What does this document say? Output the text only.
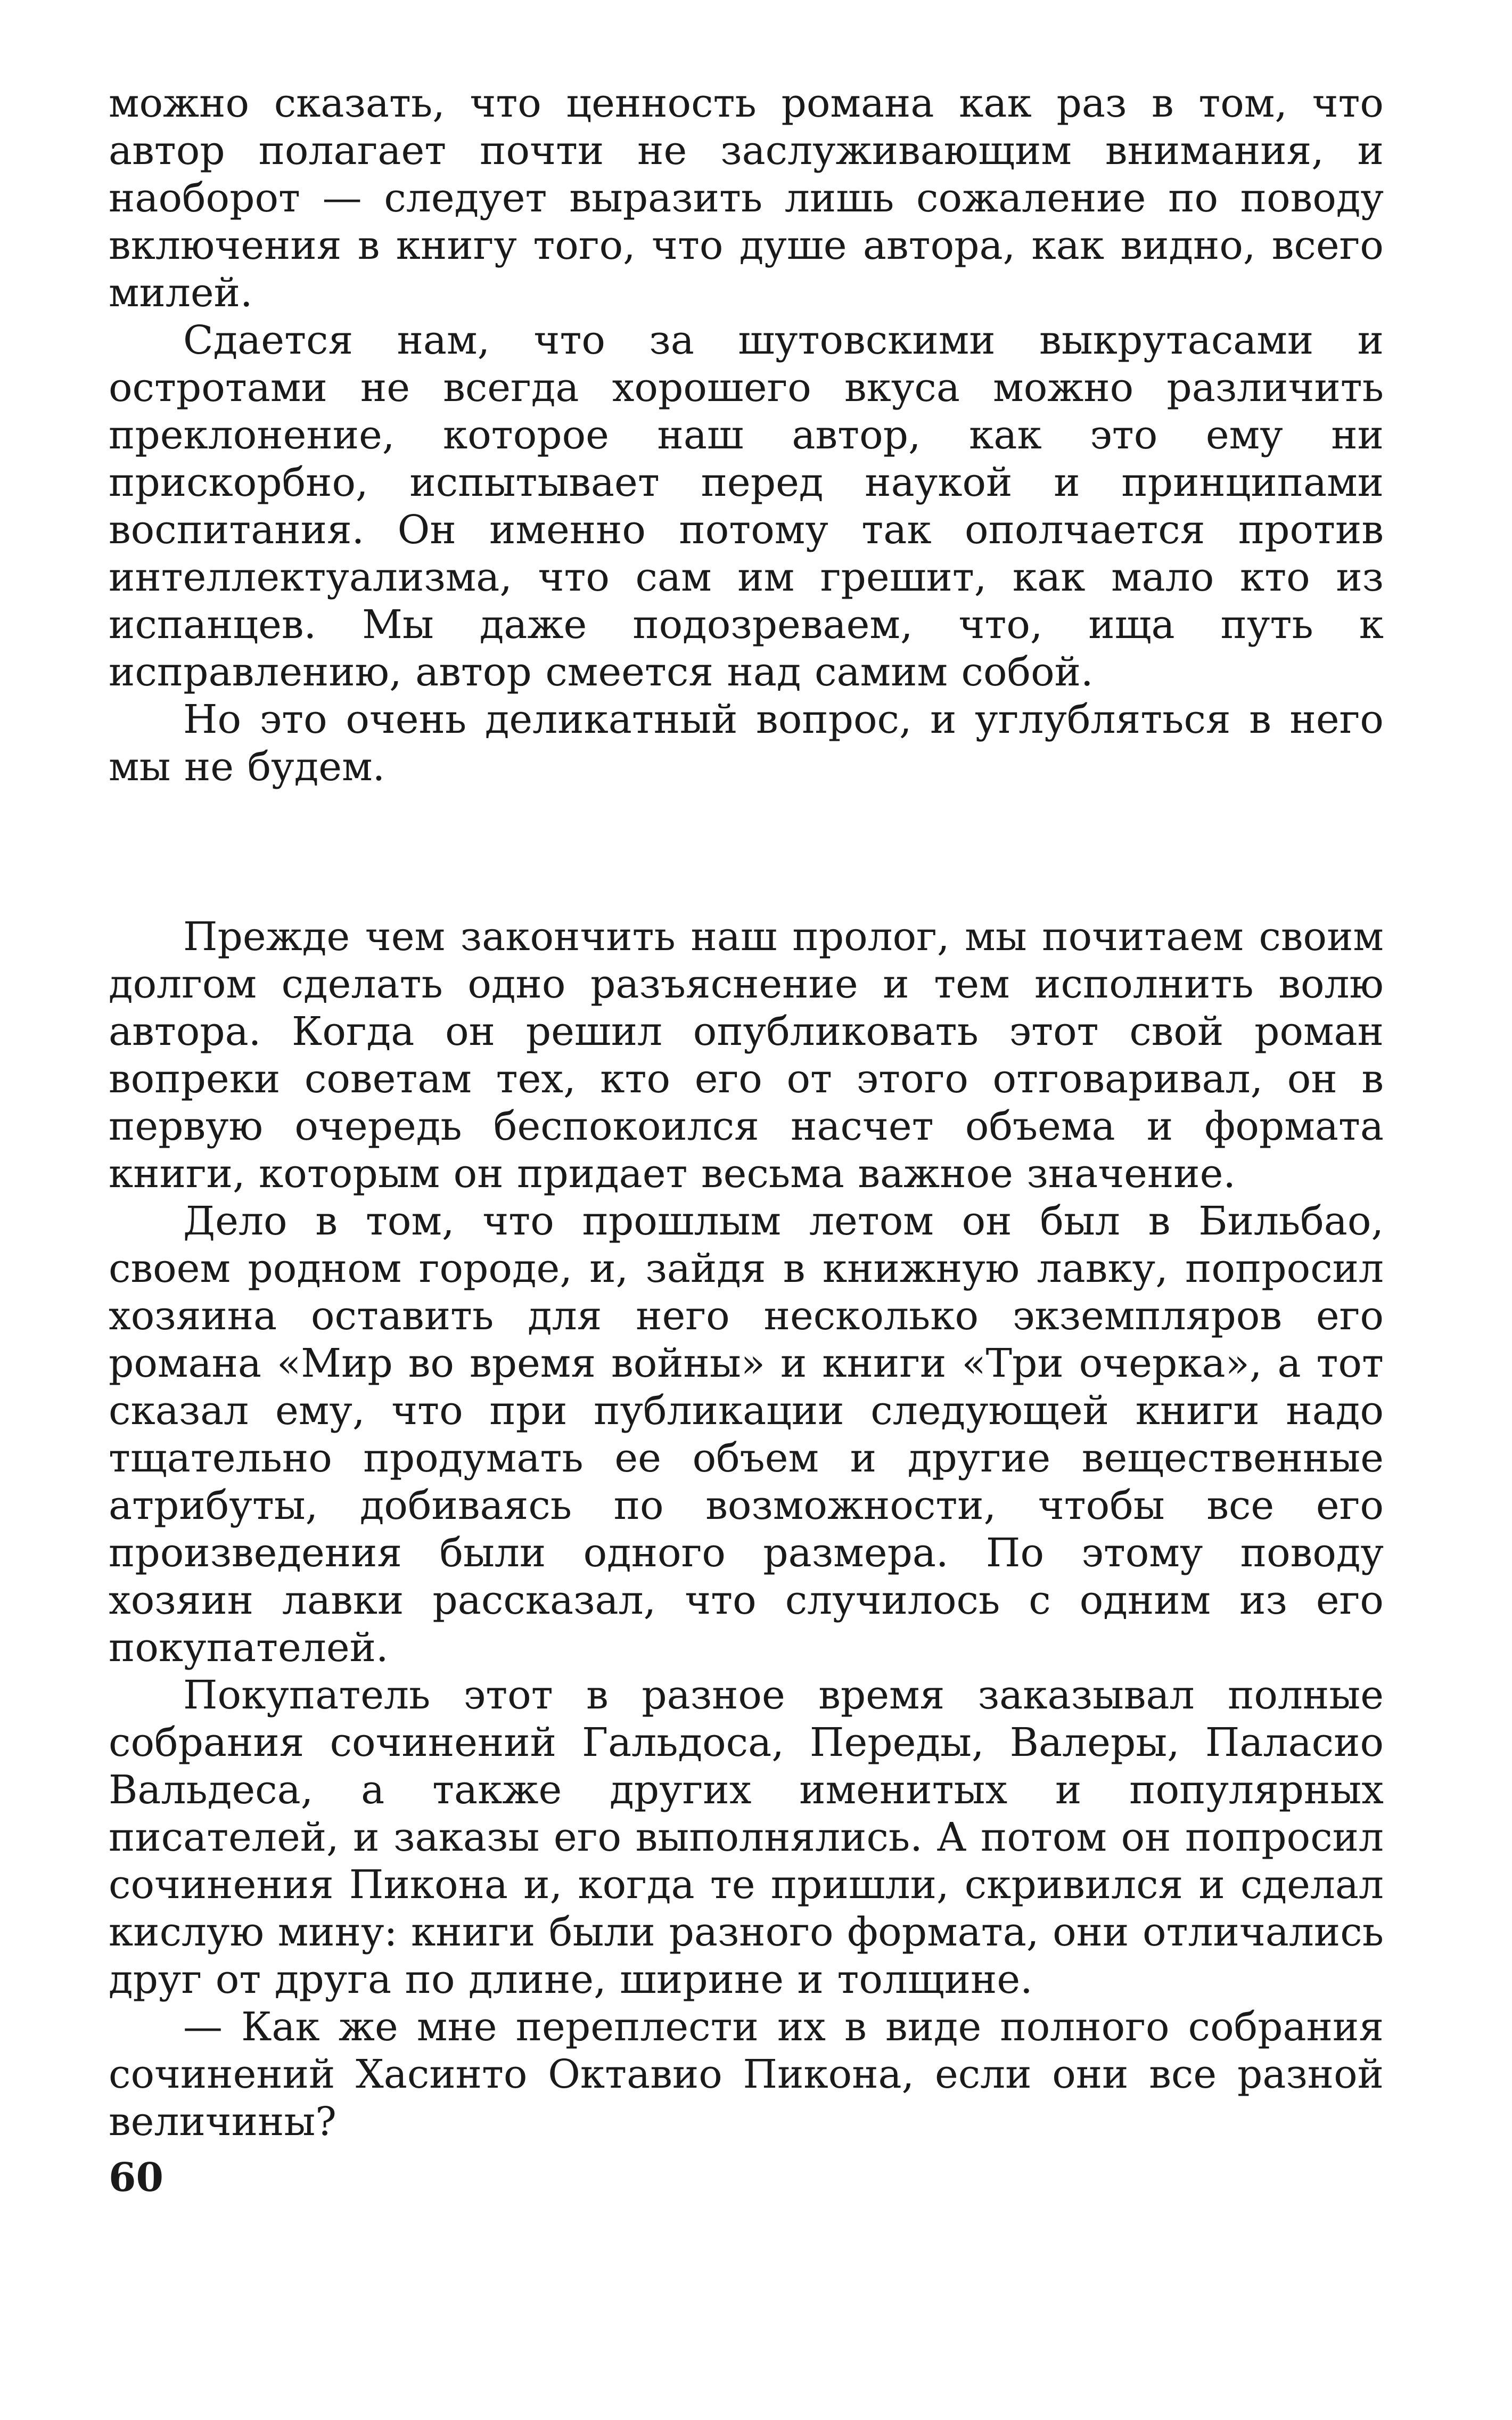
можно сказать, что ценность романа как раз в том, что автор полагает почти не заслуживающим внимания, и наоборот — следует выразить лишь сожаление по поводу включения в книгу того, что душе автора, как видно, всего милей.

Сдается нам, что за шутовскими выкрутасами и остротами не всегда хорошего вкуса можно различить преклонение, которое наш автор, как это ему ни прискорбно, испытывает перед наукой и принципами воспитания. Он именно потому так ополчается против интеллектуализма, что сам им грешит, как мало кто из испанцев. Мы даже подозреваем, что, ища путь к исправлению, автор смеется над самим собой.

Но это очень деликатный вопрос, и углубляться в него мы не будем.

Прежде чем закончить наш пролог, мы почитаем своим долгом сделать одно разъяснение и тем исполнить волю автора. Когда он решил опубликовать этот свой роман вопреки советам тех, кто его от этого отговаривал, он в первую очередь беспокоился насчет объема и формата книги, которым он придает весьма важное значение.

Дело в том, что прошлым летом он был в Бильбао, своем родном городе, и, зайдя в книжную лавку, попросил хозяина оставить для него несколько экземпляров его романа «Мир во время войны» и книги «Три очерка», а тот сказал ему, что при публикации следующей книги надо тщательно продумать ее объем и другие вещественные атрибуты, добиваясь по возможности, чтобы все его произведения были одного размера. По этому поводу хозяин лавки рассказал, что случилось с одним из его покупателей.

Покупатель этот в разное время заказывал полные собрания сочинений Гальдоса, Переды, Валеры, Паласио Вальдеса, а также других именитых и популярных писателей, и заказы его выполнялись. А потом он попросил сочинения Пикона и, когда те пришли, скривился и сделал кислую мину: книги были разного формата, они отличались друг от друга по длине, ширине и толщине.

— Как же мне переплести их в виде полного собрания сочинений Хасинто Октавио Пикона, если они все разной величины?

60
